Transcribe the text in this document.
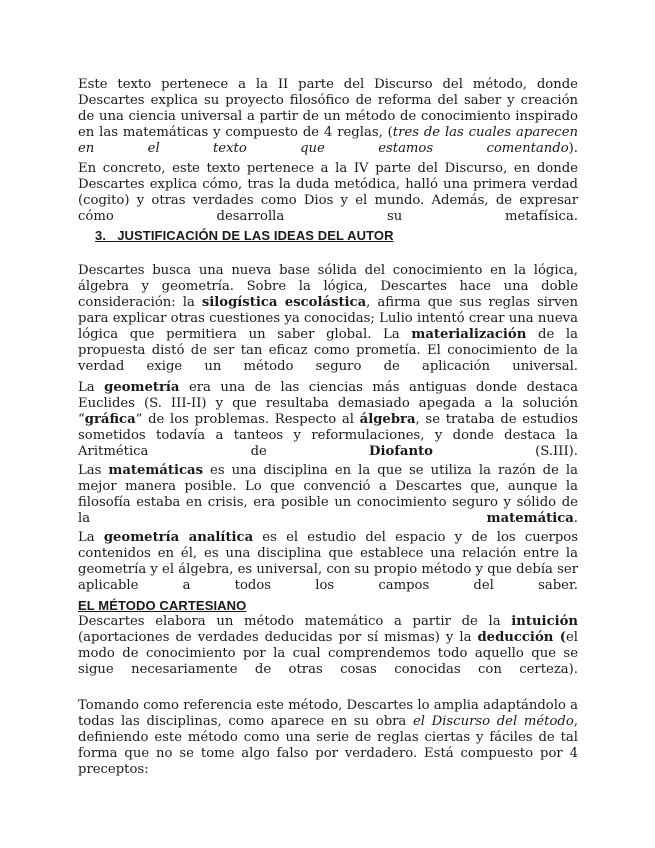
Este texto pertenece a la II parte del Discurso del método, donde Descartes explica su proyecto filosófico de reforma del saber y creación de una ciencia universal a partir de un método de conocimiento inspirado en las matemáticas y compuesto de 4 reglas, (tres de las cuales aparecen en el texto que estamos comentando).

En concreto, este texto pertenece a la IV parte del Discurso, en donde Descartes explica cómo, tras la duda metódica, halló una primera verdad (cogito) y otras verdades como Dios y el mundo. Además, de expresar cómo desarrolla su metafísica.

3. JUSTIFICACIÓN DE LAS IDEAS DEL AUTOR

Descartes busca una nueva base sólida del conocimiento en la lógica, álgebra y geometría. Sobre la lógica, Descartes hace una doble consideración: la silogística escolástica, afirma que sus reglas sirven para explicar otras cuestiones ya conocidas; Lulio intentó crear una nueva lógica que permitiera un saber global. La materialización de la propuesta distó de ser tan eficaz como prometía. El conocimiento de la verdad exige un método seguro de aplicación universal.

La geometría era una de las ciencias más antiguas donde destaca Euclides (S. III-II) y que resultaba demasiado apegada a la solución “gráfica” de los problemas. Respecto al álgebra, se trataba de estudios sometidos todavía a tanteos y reformulaciones, y donde destaca la Aritmética de Diofanto (S.III).

Las matemáticas es una disciplina en la que se utiliza la razón de la mejor manera posible. Lo que convenció a Descartes que, aunque la filosofía estaba en crisis, era posible un conocimiento seguro y sólido de la matemática.

La geometría analítica es el estudio del espacio y de los cuerpos contenidos en él, es una disciplina que establece una relación entre la geometría y el álgebra, es universal, con su propio método y que debía ser aplicable a todos los campos del saber.

EL MÉTODO CARTESIANO

Descartes elabora un método matemático a partir de la intuición (aportaciones de verdades deducidas por sí mismas) y la deducción (el modo de conocimiento por la cual comprendemos todo aquello que se sigue necesariamente de otras cosas conocidas con certeza).

Tomando como referencia este método, Descartes lo amplia adaptándolo a todas las disciplinas, como aparece en su obra el Discurso del método, definiendo este método como una serie de reglas ciertas y fáciles de tal forma que no se tome algo falso por verdadero. Está compuesto por 4 preceptos:
